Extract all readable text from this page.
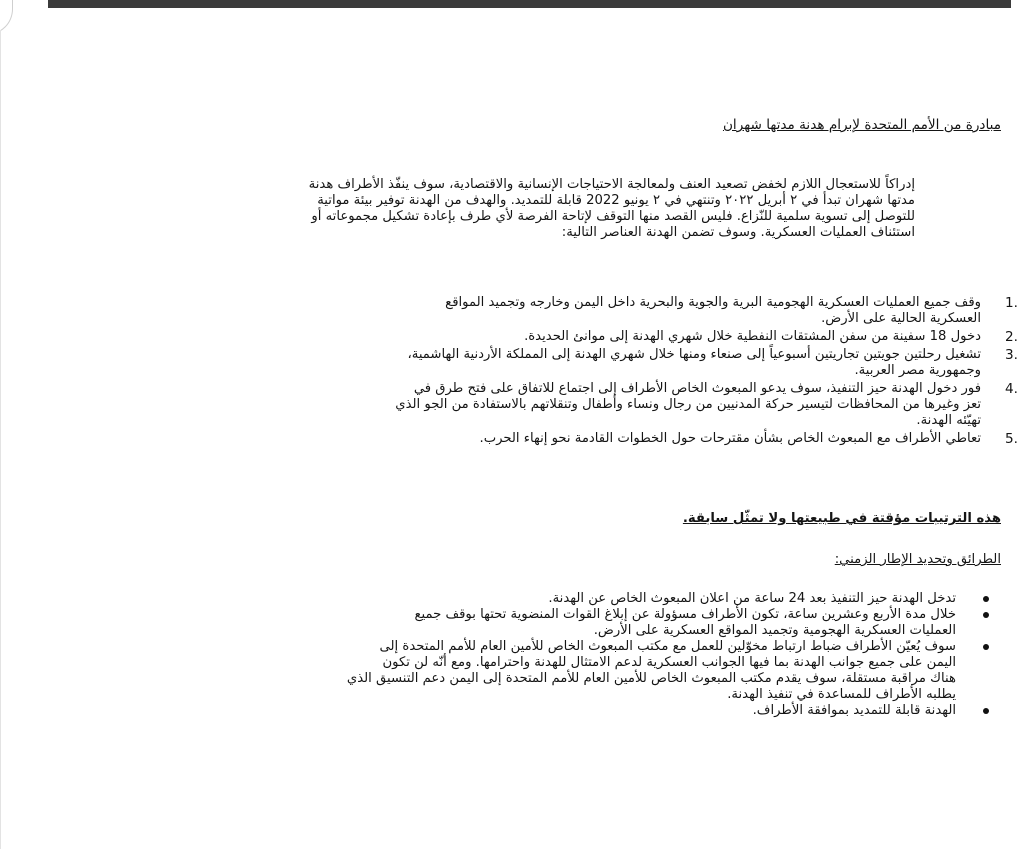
مبادرة من الأمم المتحدة لإبرام هدنة مدتها شهران
إدراكاً للاستعجال اللازم لخفض تصعيد العنف ولمعالجة الاحتياجات الإنسانية والاقتصادية، سوف ينفّذ الأطراف هدنة
مدتها شهران تبدأ في ٢ أبريل ٢٠٢٢ وتنتهي في ٢ يونيو 2022 قابلة للتمديد. والهدف من الهدنة توفير بيئة مواتية
للتوصل إلى تسوية سلمية للنّزاع. فليس القصد منها التوقف لإتاحة الفرصة لأي طرف بإعادة تشكيل مجموعاته أو
استئناف العمليات العسكرية. وسوف تضمن الهدنة العناصر التالية:
1.
وقف جميع العمليات العسكرية الهجومية البرية والجوية والبحرية داخل اليمن وخارجه وتجميد المواقع
العسكرية الحالية على الأرض.
2.
دخول 18 سفينة من سفن المشتقات النفطية خلال شهري الهدنة إلى موانئ الحديدة.
3.
تشغيل رحلتين جويتين تجاريتين أسبوعياً إلى صنعاء ومنها خلال شهري الهدنة إلى المملكة الأردنية الهاشمية،
وجمهورية مصر العربية.
4.
فور دخول الهدنة حيز التنفيذ، سوف يدعو المبعوث الخاص الأطراف إلى اجتماع للاتفاق على فتح طرق في
تعز وغيرها من المحافظات لتيسير حركة المدنيين من رجال ونساء وأطفال وتنقلاتهم بالاستفادة من الجو الذي
تهيّئه الهدنة.
5.
تعاطي الأطراف مع المبعوث الخاص بشأن مقترحات حول الخطوات القادمة نحو إنهاء الحرب.
هذه الترتيبات مؤقتة في طبيعتها ولا تمثّل سابقة.
الطرائق وتحديد الإطار الزمني:
تدخل الهدنة حيز التنفيذ بعد 24 ساعة من اعلان المبعوث الخاص عن الهدنة.
خلال مدة الأربع وعشرين ساعة، تكون الأطراف مسؤولة عن إبلاغ القوات المنضوية تحتها بوقف جميع
العمليات العسكرية الهجومية وتجميد المواقع العسكرية على الأرض.
سوف يُعيّن الأطراف ضباط ارتباط مخوّلين للعمل مع مكتب المبعوث الخاص للأمين العام للأمم المتحدة إلى
اليمن على جميع جوانب الهدنة بما فيها الجوانب العسكرية لدعم الامتثال للهدنة واحترامها. ومع أنّه لن تكون
هناك مراقبة مستقلة، سوف يقدم مكتب المبعوث الخاص للأمين العام للأمم المتحدة إلى اليمن دعم التنسيق الذي
يطلبه الأطراف للمساعدة في تنفيذ الهدنة.
الهدنة قابلة للتمديد بموافقة الأطراف.
